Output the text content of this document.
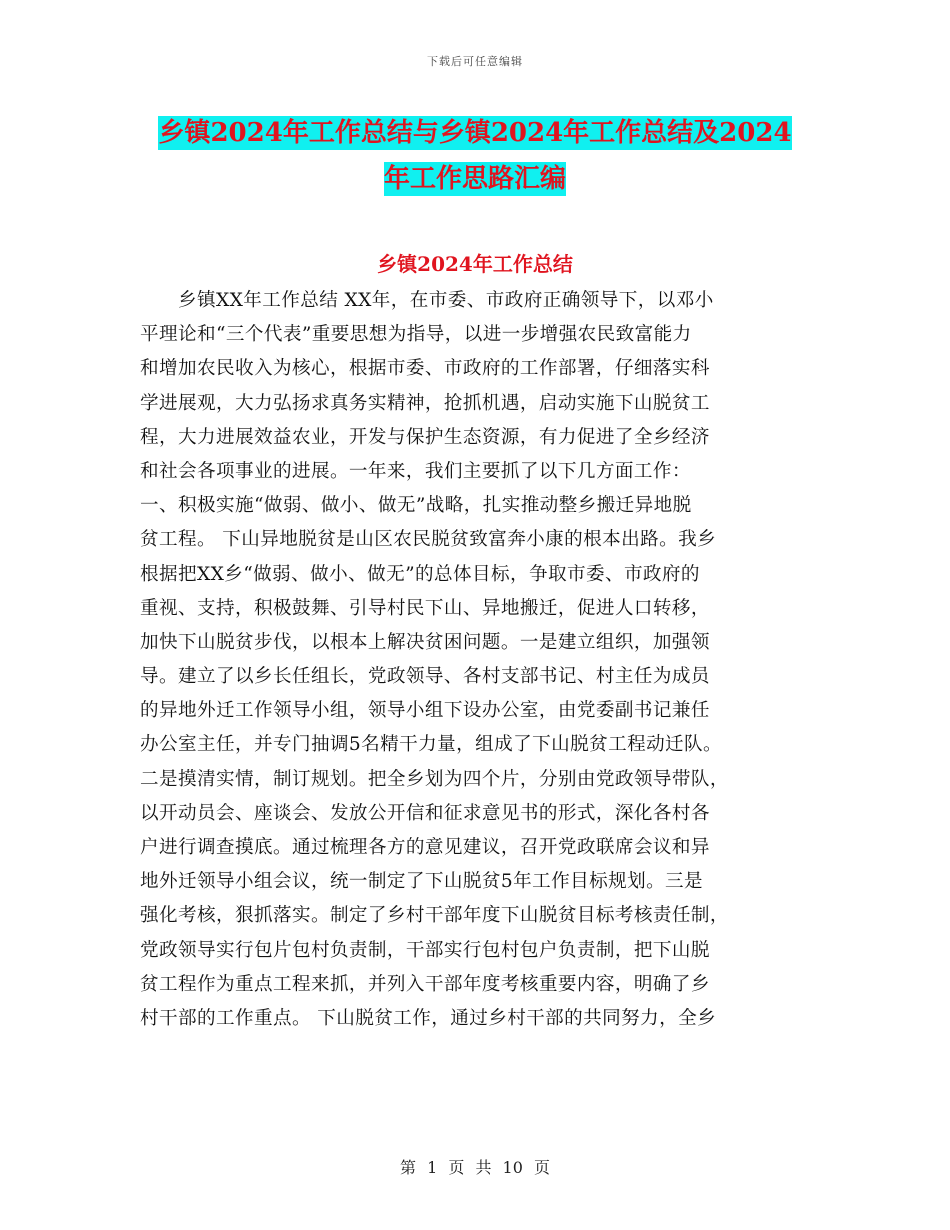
下载后可任意编辑
乡镇2024年工作总结与乡镇2024年工作总结及2024
年工作思路汇编
乡镇2024年工作总结
　　乡镇XX年工作总结 XX年，在市委、市政府正确领导下，以邓小
平理论和“三个代表”重要思想为指导，以进一步增强农民致富能力
和增加农民收入为核心，根据市委、市政府的工作部署，仔细落实科
学进展观，大力弘扬求真务实精神，抢抓机遇，启动实施下山脱贫工
程，大力进展效益农业，开发与保护生态资源，有力促进了全乡经济
和社会各项事业的进展。一年来，我们主要抓了以下几方面工作：
一、积极实施“做弱、做小、做无”战略，扎实推动整乡搬迁异地脱
贫工程。 下山异地脱贫是山区农民脱贫致富奔小康的根本出路。我乡
根据把XX乡“做弱、做小、做无”的总体目标，争取市委、市政府的
重视、支持，积极鼓舞、引导村民下山、异地搬迁，促进人口转移，
加快下山脱贫步伐，以根本上解决贫困问题。一是建立组织，加强领
导。建立了以乡长任组长，党政领导、各村支部书记、村主任为成员
的异地外迁工作领导小组，领导小组下设办公室，由党委副书记兼任
办公室主任，并专门抽调5名精干力量，组成了下山脱贫工程动迁队。
二是摸清实情，制订规划。把全乡划为四个片，分别由党政领导带队，
以开动员会、座谈会、发放公开信和征求意见书的形式，深化各村各
户进行调查摸底。通过梳理各方的意见建议，召开党政联席会议和异
地外迁领导小组会议，统一制定了下山脱贫5年工作目标规划。三是
强化考核，狠抓落实。制定了乡村干部年度下山脱贫目标考核责任制，
党政领导实行包片包村负责制，干部实行包村包户负责制，把下山脱
贫工程作为重点工程来抓，并列入干部年度考核重要内容，明确了乡
村干部的工作重点。 下山脱贫工作，通过乡村干部的共同努力，全乡
第 1 页 共 10 页
